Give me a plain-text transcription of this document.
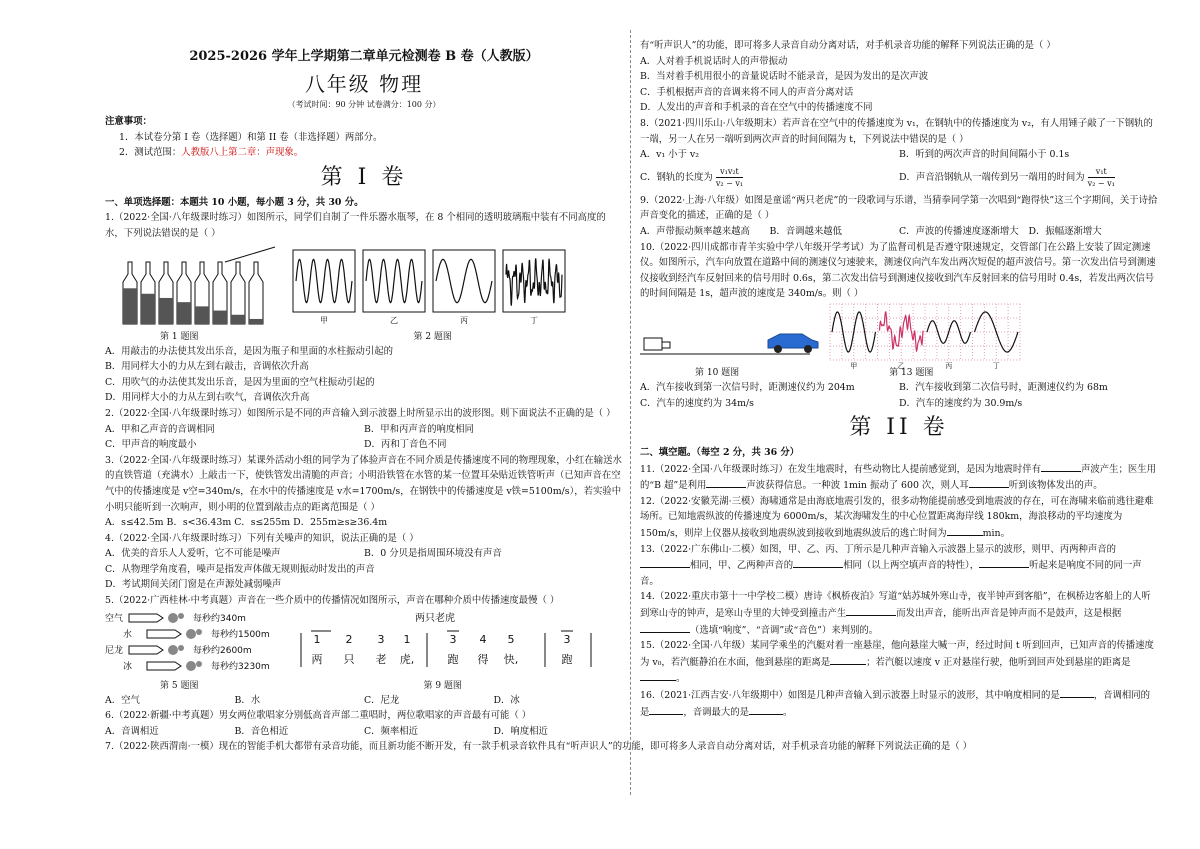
2025-2026 学年上学期第二章单元检测卷 B 卷（人教版）
八年级 物理
（考试时间：90 分钟 试卷满分：100 分）

注意事项：

1．本试卷分第 I 卷（选择题）和第 II 卷（非选择题）两部分。

2．测试范围：人教版八上第二章：声现象。

第 I 卷

一、单项选择题：本题共 10 小题，每小题 3 分，共 30 分。

1.（2022·全国·八年级课时练习）如图所示，同学们自制了一件乐器水瓶琴，在 8 个相同的透明玻璃瓶中装有不同高度的水，下列说法错误的是（ ）

甲	乙	丙	丁
第 1 题图	第 2 题图

A．用敲击的办法使其发出乐音，是因为瓶子和里面的水柱振动引起的

B．用同样大小的力从左到右敲击，音调依次升高

C．用吹气的办法使其发出乐音，是因为里面的空气柱振动引起的

D．用同样大小的力从左到右吹气，音调依次升高

2.（2022·全国·八年级课时练习）如图所示是不同的声音输入到示波器上时所显示出的波形图。则下面说法不正确的是（ ）

A．甲和乙声音的音调相同	B．甲和丙声音的响度相同
C．甲声音的响度最小	D．丙和丁音色不同

3.（2022·全国·八年级课时练习）某课外活动小组的同学为了体验声音在不同介质是传播速度不同的物理现象，小红在输送水的直铁管道（充满水）上敲击一下，使铁管发出清脆的声音；小明沿铁管在水管的某一位置耳朵贴近铁管听声（已知声音在空气中的传播速度是 v空=340m/s，在水中的传播速度是 v水=1700m/s，在钢铁中的传播速度是 v铁=5100m/s），若实验中小明只能听到一次响声，则小明的位置到敲击点的距离范围是（ ）

A．s≤42.5m B．s<36.43m C．s≤255m D．255m≥s≥36.4m

4.（2022·全国·八年级课时练习）下列有关噪声的知识，说法正确的是（ ）

A．优美的音乐人人爱听，它不可能是噪声	B．0 分贝是指周围环境没有声音

C．从物理学角度看，噪声是指发声体做无规则振动时发出的声音

D．考试期间关闭门窗是在声源处减弱噪声

5.（2022·广西桂林·中考真题）声音在一些介质中的传播情况如图所示，声音在哪种介质中传播速度最慢（ ）

空气	每秒约340m
水	每秒约1500m
尼龙	每秒约2600m
冰	每秒约3230m
两只老虎
1
两
2
只
3
老
1
虎,
3
跑
4
得
5
快,
3
跑
第 5 题图	第 9 题图
A．空气	B．水	C．尼龙	D．冰

6.（2022·新疆·中考真题）男女两位歌唱家分别低高音声部二重唱时，两位歌唱家的声音最有可能（ ）

A．音调相近	B．音色相近	C．频率相近	D．响度相近

7.（2022·陕西渭南·一模）现在的智能手机大都带有录音功能，而且新功能不断开发，有一款手机录音软件具有“听声识人”的功能，即可将多人录音自动分离对话，对手机录音功能的解释下列说法正确的是（ ）

有“听声识人”的功能，即可将多人录音自动分离对话，对手机录音功能的解释下列说法正确的是（ ）

A．人对着手机说话时人的声带振动

B．当对着手机用很小的音量说话时不能录音，是因为发出的是次声波

C．手机根据声音的音调来将不同人的声音分离对话

D．人发出的声音和手机录的音在空气中的传播速度不同

8.（2021·四川乐山·八年级期末）若声音在空气中的传播速度为 v₁，在钢轨中的传播速度为 v₂，有人用锤子敲了一下钢轨的一端，另一人在另一端听到两次声音的时间间隔为 t，下列说法中错误的是（ ）

A．v₁ 小于 v₂	B．听到的两次声音的时间间隔小于 0.1s
C．钢轨的长度为 $\frac{\text{v₁v₂t}}{\text{v₂ − v₁}}$	D．声音沿钢轨从一端传到另一端用的时间为 $\frac{\text{v₁t}}{\text{v₂ − v₁}}$

9.（2022·上海·八年级）如图是童谣“两只老虎”的一段歌词与乐谱，当猜拳同学第一次唱到“跑得快”这三个字期间，关于诗拾声音变化的描述，正确的是（ ）

A．声带振动频率越来越高	B．音调越来越低	C．声波的传播速度逐渐增大	D．振幅逐渐增大

10.（2022·四川成都市青羊实验中学八年级开学考试）为了监督司机是否遵守限速规定，交管部门在公路上安装了固定测速仪。如图所示，汽车向放置在道路中间的测速仪匀速驶来，测速仪向汽车发出两次短促的超声波信号。第一次发出信号到测速仪接收到经汽车反射回来的信号用时 0.6s，第二次发出信号到测速仪接收到汽车反射回来的信号用时 0.4s，若发出两次信号的时间间隔是 1s，超声波的速度是 340m/s。则（ ）

甲	乙	丙	丁
第 10 题图	第 13 题图
A．汽车接收到第一次信号时，距测速仪约为 204m	B．汽车接收到第二次信号时，距测速仪约为 68m
C．汽车的速度约为 34m/s	D．汽车的速度约为 30.9m/s
第 II 卷

二、填空题。（每空 2 分，共 36 分）

11.（2022·全国·八年级课时练习）在发生地震时，有些动物比人提前感觉到，是因为地震时伴有	声波产生；医生用的“B 超”是利用	声波获得信息。一种波 1min 振动了 600 次，则人耳	听到该物体发出的声。

12.（2022·安徽芜湖·三模）海啸通常是由海底地震引发的，很多动物能提前感受到地震波的存在，可在海啸来临前逃往避难场所。已知地震纵波的传播速度为 6000m/s，某次海啸发生的中心位置距离海岸线 180km，海浪移动的平均速度为 150m/s，则岸上仪器从接收到地震纵波到接收到地震纵波后的逃亡时间为	min。

13.（2022·广东佛山·二模）如图，甲、乙、丙、丁所示是几种声音输入示波器上显示的波形，则甲、丙两种声音的相同，甲、乙两种声音的	相同（以上两空填声音的特性），	听起来是响度不同的同一声音。

14.（2022·重庆市第十一中学校二模）唐诗《枫桥夜泊》写道“姑苏城外寒山寺，夜半钟声到客船”，在枫桥边客船上的人听到寒山寺的钟声，是寒山寺里的大钟受到撞击产生	而发出声音，能听出声音是钟声而不是鼓声，这是根据（选填“响度”、“音调”或“音色”）来判别的。

15.（2022·全国·八年级）某同学乘坐的汽艇对着一座悬崖，他向悬崖大喊一声，经过时间 t 听到回声，已知声音的传播速度为 v₀，若汽艇静泊在水面，他到悬崖的距离是	；若汽艇以速度 v 正对悬崖行驶，他听到回声处到悬崖的距离是。

16.（2021·江西吉安·八年级期中）如图是几种声音输入到示波器上时显示的波形，其中响度相同的是	，音调相同的是	，音调最大的是	。
